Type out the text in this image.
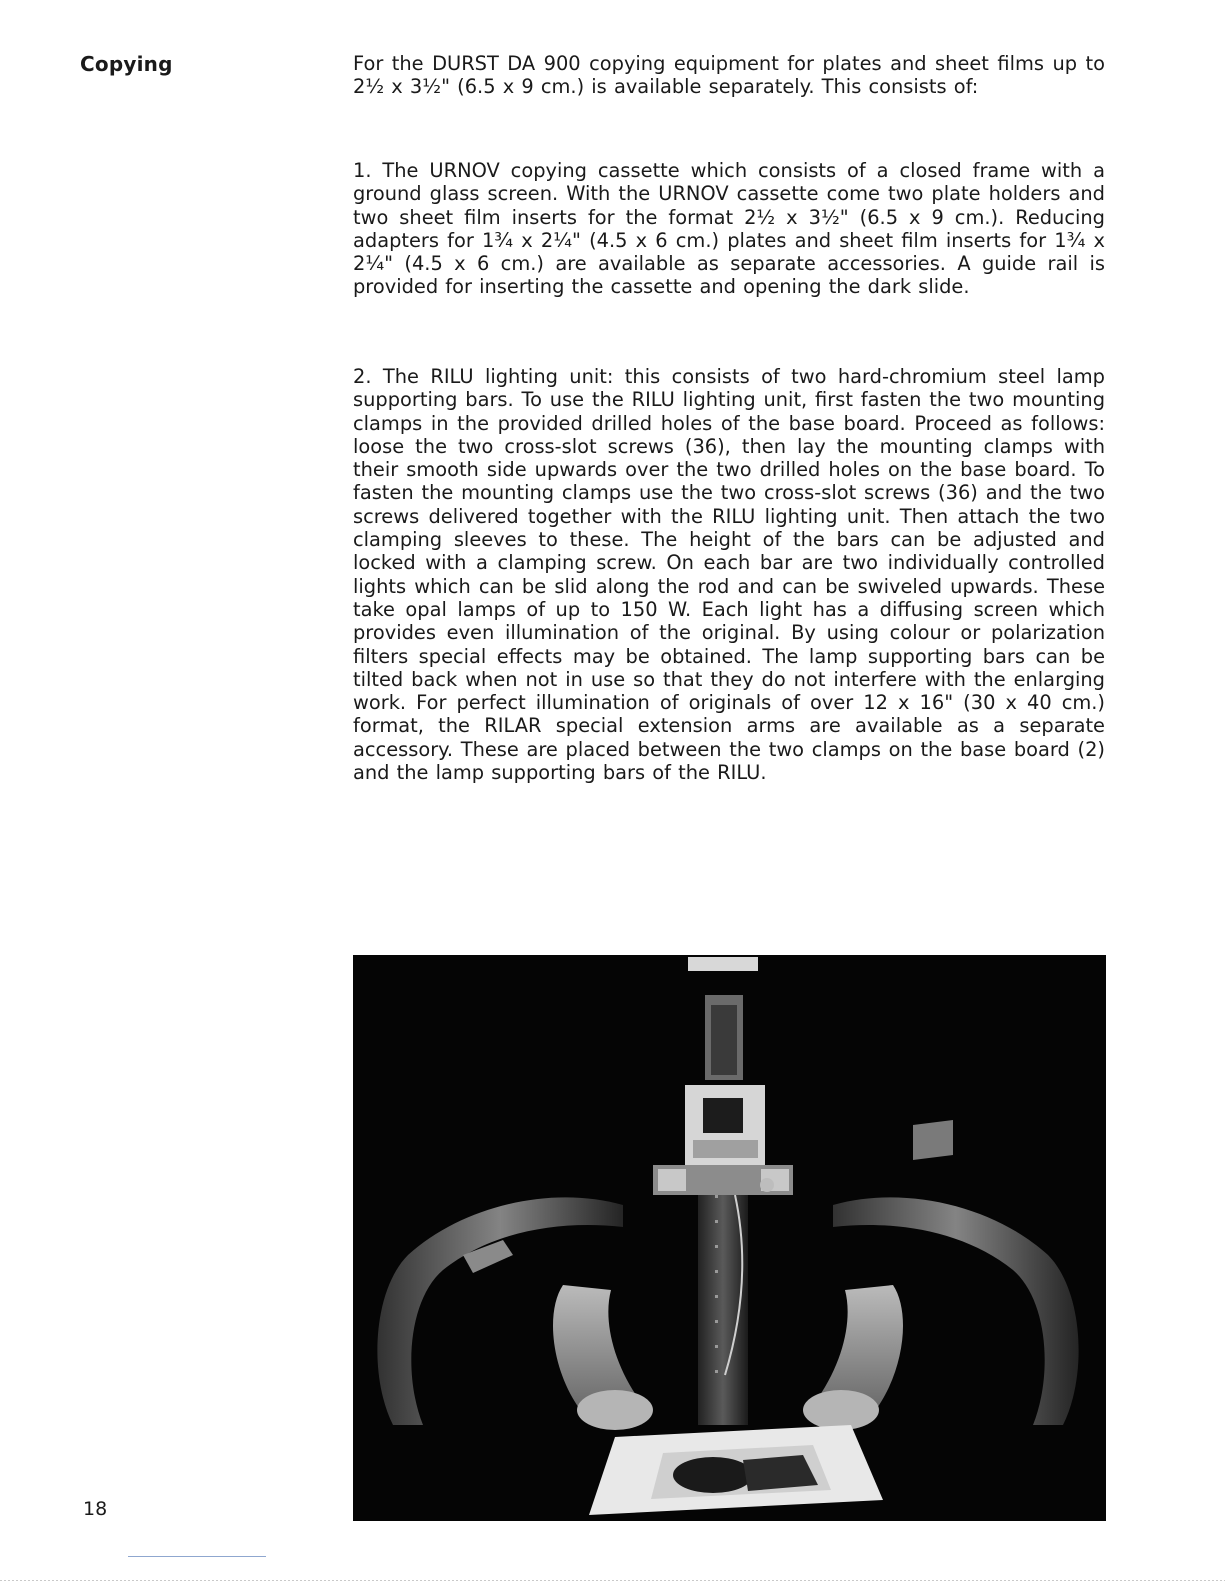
Copying	For the DURST DA 900 copying equipment for plates and sheet films up to 2½ x 3½" (6.5 x 9 cm.) is available separately. This consists of:

1. The URNOV copying cassette which consists of a closed frame with a ground glass screen. With the URNOV cassette come two plate holders and two sheet film inserts for the format 2½ x 3½" (6.5 x 9 cm.). Reducing adapters for 1¾ x 2¼" (4.5 x 6 cm.) plates and sheet film inserts for 1¾ x 2¼" (4.5 x 6 cm.) are available as separate accessories. A guide rail is provided for inserting the cassette and opening the dark slide.

2. The RILU lighting unit: this consists of two hard-chromium steel lamp supporting bars. To use the RILU lighting unit, first fasten the two mounting clamps in the provided drilled holes of the base board. Proceed as follows: loose the two cross-slot screws (36), then lay the mounting clamps with their smooth side upwards over the two drilled holes on the base board. To fasten the mounting clamps use the two cross-slot screws (36) and the two screws delivered together with the RILU lighting unit. Then attach the two clamping sleeves to these. The height of the bars can be adjusted and locked with a clamping screw. On each bar are two individually controlled lights which can be slid along the rod and can be swiveled upwards. These take opal lamps of up to 150 W. Each light has a diffusing screen which provides even illumination of the original. By using colour or polarization filters special effects may be obtained. The lamp supporting bars can be tilted back when not in use so that they do not interfere with the enlarging work. For perfect illumination of originals of over 12 x 16" (30 x 40 cm.) format, the RILAR special extension arms are available as a separate accessory. These are placed between the two clamps on the base board (2) and the lamp supporting bars of the RILU.

18
